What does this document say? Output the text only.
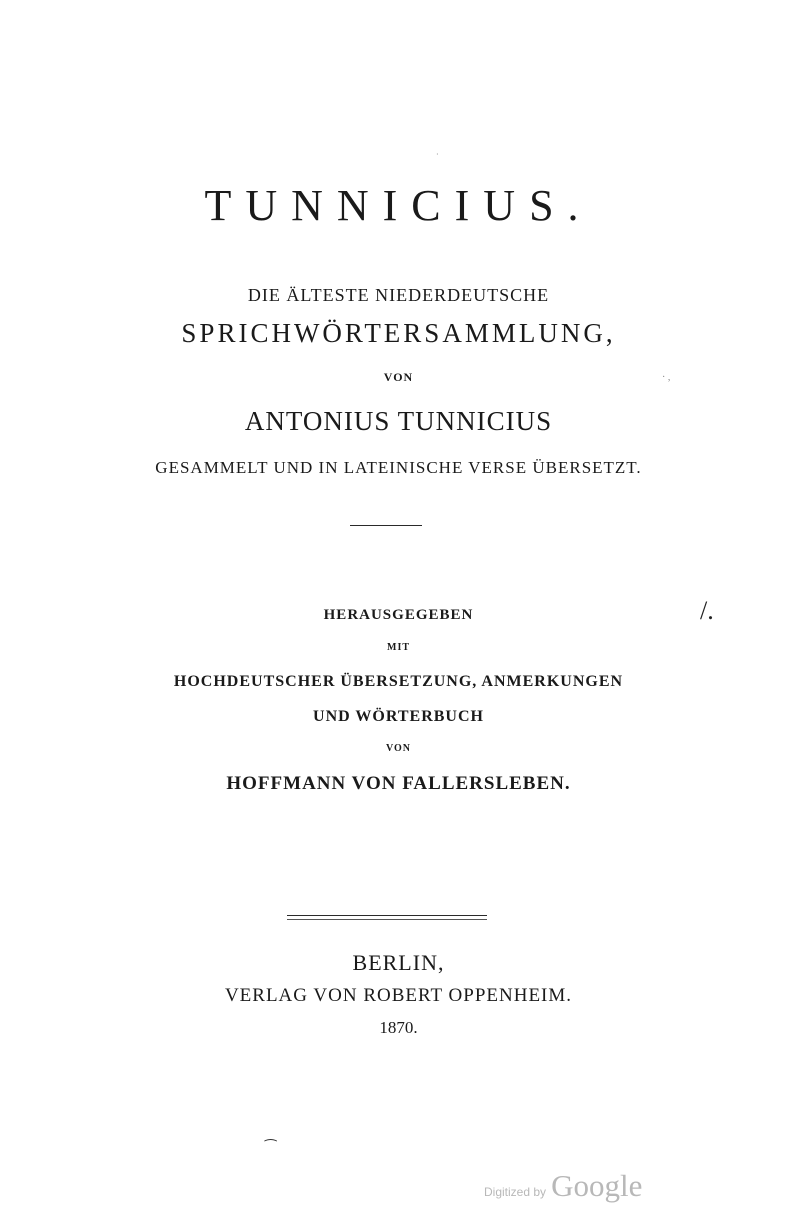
TUNNICIUS.
DIE ÄLTESTE NIEDERDEUTSCHE
SPRICHWÖRTERSAMMLUNG,
VON
ANTONIUS TUNNICIUS
GESAMMELT UND IN LATEINISCHE VERSE ÜBERSETZT.
/.
HERAUSGEGEBEN
MIT
HOCHDEUTSCHER ÜBERSETZUNG, ANMERKUNGEN
UND WÖRTERBUCH
VON
HOFFMANN VON FALLERSLEBEN.
BERLIN,
VERLAG VON ROBERT OPPENHEIM.
1870.
⁀
·
· ,
Digitized by Google
